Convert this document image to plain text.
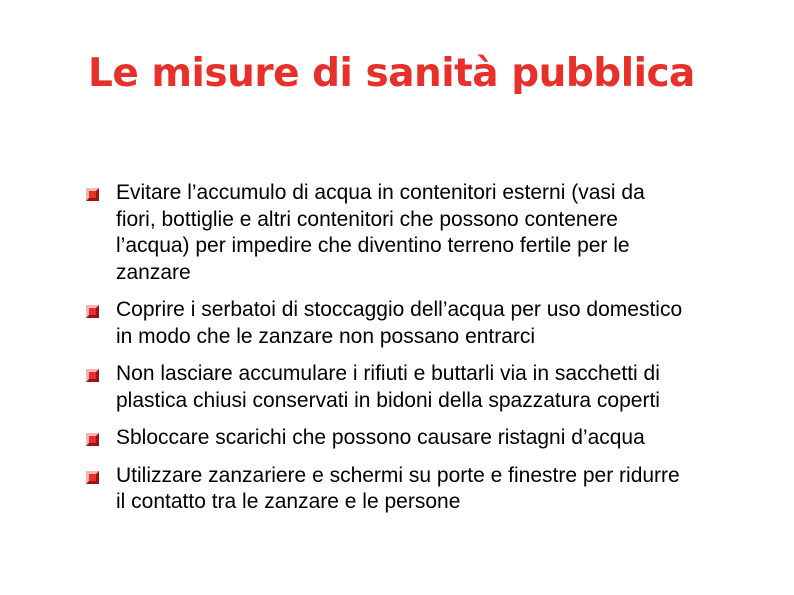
Le misure di sanità pubblica
Evitare l’accumulo di acqua in contenitori esterni (vasi da fiori, bottiglie e altri contenitori che possono contenere l’acqua) per impedire che diventino terreno fertile per le zanzare
Coprire i serbatoi di stoccaggio dell’acqua per uso domestico in modo che le zanzare non possano entrarci
Non lasciare accumulare i rifiuti e buttarli via in sacchetti di plastica chiusi conservati in bidoni della spazzatura coperti
Sbloccare scarichi che possono causare ristagni d’acqua
Utilizzare zanzariere e schermi su porte e finestre per ridurre il contatto tra le zanzare e le persone
